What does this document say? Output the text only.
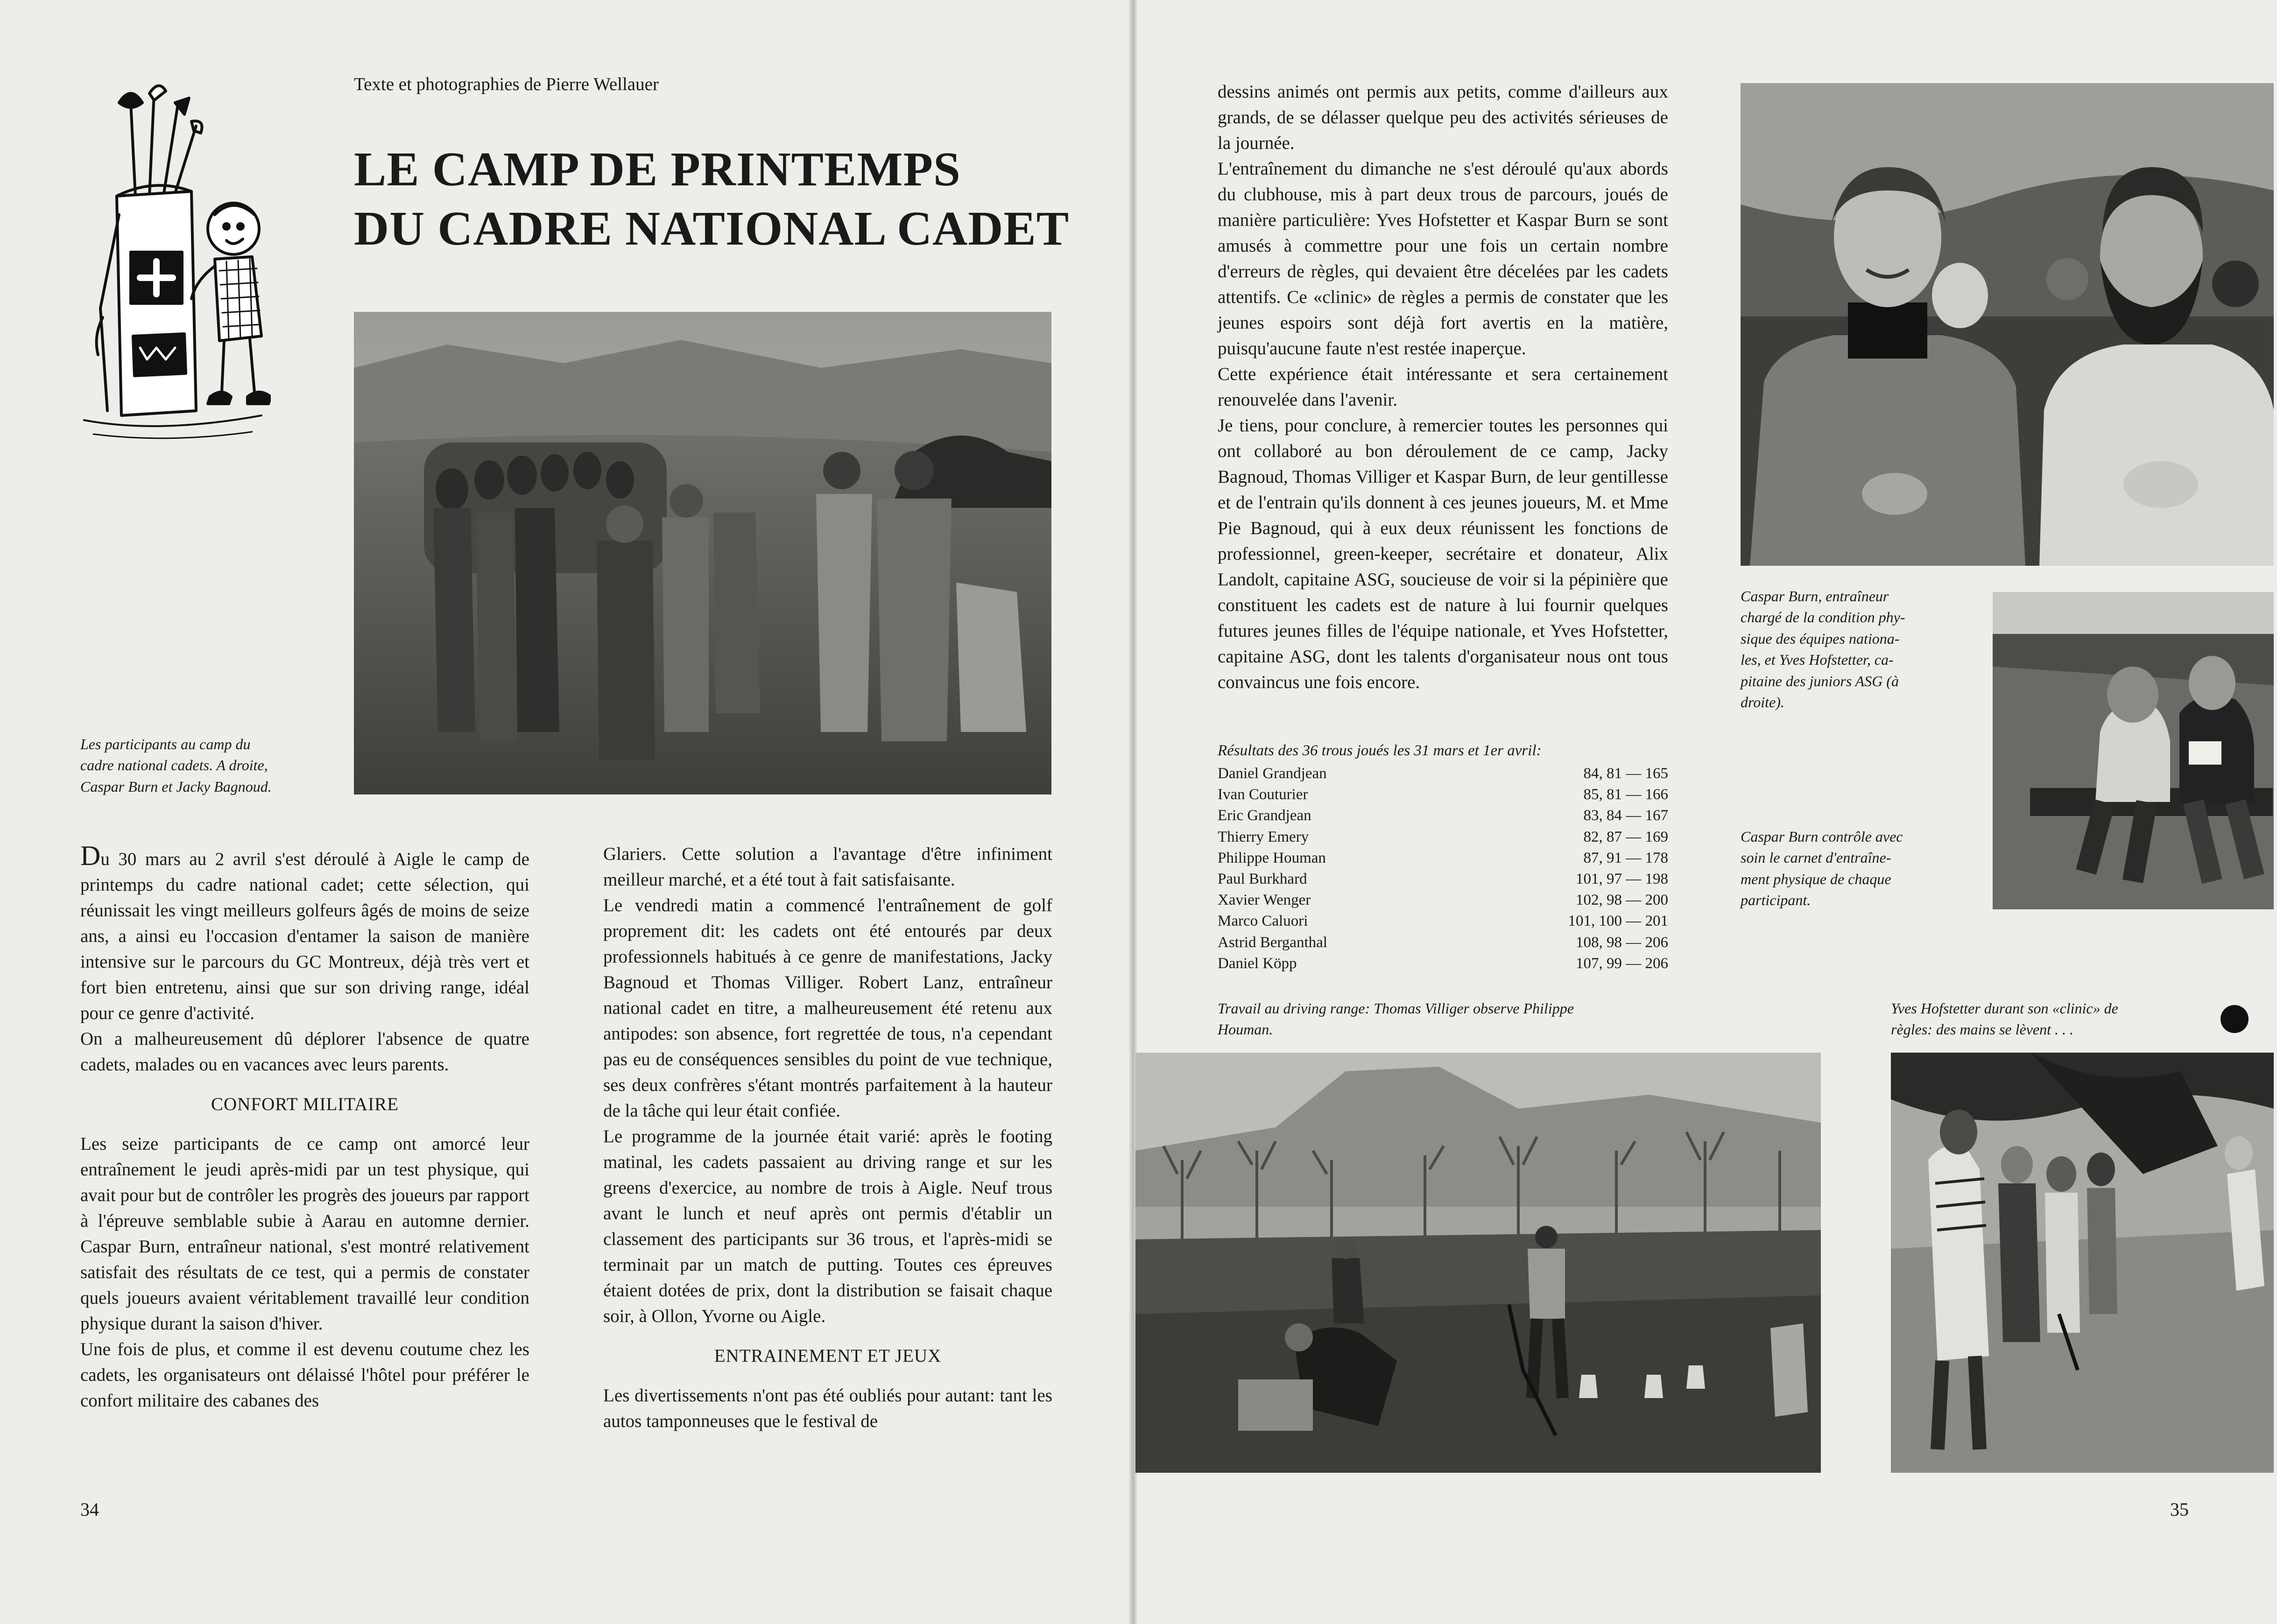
Texte et photographies de Pierre Wellauer
LE CAMP DE PRINTEMPS
DU CADRE NATIONAL CADET

Les participants au camp du
cadre national cadets. A droite,
Caspar Burn et Jacky Bagnoud.

Du 30 mars au 2 avril s'est déroulé à Aigle le camp de printemps du cadre national cadet; cette sélection, qui réunissait les vingt meilleurs golfeurs âgés de moins de seize ans, a ainsi eu l'occasion d'entamer la saison de manière intensive sur le parcours du GC Montreux, déjà très vert et fort bien entretenu, ainsi que sur son driving range, idéal pour ce genre d'activité.

On a malheureusement dû déplorer l'absence de quatre cadets, malades ou en vacances avec leurs parents.

CONFORT MILITAIRE

Les seize participants de ce camp ont amorcé leur entraînement le jeudi après-midi par un test physique, qui avait pour but de contrôler les progrès des joueurs par rapport à l'épreuve semblable subie à Aarau en automne dernier. Caspar Burn, entraîneur national, s'est montré relativement satisfait des résultats de ce test, qui a permis de constater quels joueurs avaient véritablement travaillé leur condition physique durant la saison d'hiver.

Une fois de plus, et comme il est devenu coutume chez les cadets, les organisateurs ont délaissé l'hôtel pour préférer le confort militaire des cabanes des

Glariers. Cette solution a l'avantage d'être infiniment meilleur marché, et a été tout à fait satisfaisante.

Le vendredi matin a commencé l'entraînement de golf proprement dit: les cadets ont été entourés par deux professionnels habitués à ce genre de manifestations, Jacky Bagnoud et Thomas Villiger. Robert Lanz, entraîneur national cadet en titre, a malheureusement été retenu aux antipodes: son absence, fort regrettée de tous, n'a cependant pas eu de conséquences sensibles du point de vue technique, ses deux confrères s'étant montrés parfaitement à la hauteur de la tâche qui leur était confiée.

Le programme de la journée était varié: après le footing matinal, les cadets passaient au driving range et sur les greens d'exercice, au nombre de trois à Aigle. Neuf trous avant le lunch et neuf après ont permis d'établir un classement des participants sur 36 trous, et l'après-midi se terminait par un match de putting. Toutes ces épreuves étaient dotées de prix, dont la distribution se faisait chaque soir, à Ollon, Yvorne ou Aigle.

ENTRAINEMENT ET JEUX

Les divertissements n'ont pas été oubliés pour autant: tant les autos tamponneuses que le festival de

34

dessins animés ont permis aux petits, comme d'ailleurs aux grands, de se délasser quelque peu des activités sérieuses de la journée.

L'entraînement du dimanche ne s'est déroulé qu'aux abords du clubhouse, mis à part deux trous de parcours, joués de manière particulière: Yves Hofstetter et Kaspar Burn se sont amusés à commettre pour une fois un certain nombre d'erreurs de règles, qui devaient être décelées par les cadets attentifs. Ce «clinic» de règles a permis de constater que les jeunes espoirs sont déjà fort avertis en la matière, puisqu'aucune faute n'est restée inaperçue.

Cette expérience était intéressante et sera certainement renouvelée dans l'avenir.

Je tiens, pour conclure, à remercier toutes les personnes qui ont collaboré au bon déroulement de ce camp, Jacky Bagnoud, Thomas Villiger et Kaspar Burn, de leur gentillesse et de l'entrain qu'ils donnent à ces jeunes joueurs, M. et Mme Pie Bagnoud, qui à eux deux réunissent les fonctions de professionnel, green-keeper, secrétaire et donateur, Alix Landolt, capitaine ASG, soucieuse de voir si la pépinière que constituent les cadets est de nature à lui fournir quelques futures jeunes filles de l'équipe nationale, et Yves Hofstetter, capitaine ASG, dont les talents d'organisateur nous ont tous convaincus une fois encore.

Résultats des 36 trous joués les 31 mars et 1er avril:
Daniel Grandjean	84, 81 — 165
Ivan Couturier	85, 81 — 166
Eric Grandjean	83, 84 — 167
Thierry Emery	82, 87 — 169
Philippe Houman	87, 91 — 178
Paul Burkhard	101, 97 — 198
Xavier Wenger	102, 98 — 200
Marco Caluori	101, 100 — 201
Astrid Berganthal	108, 98 — 206
Daniel Köpp	107, 99 — 206

Travail au driving range: Thomas Villiger observe Philippe
Houman.

Caspar Burn, entraîneur
chargé de la condition phy-
sique des équipes nationa-
les, et Yves Hofstetter, ca-
pitaine des juniors ASG (à
droite).

Caspar Burn contrôle avec
soin le carnet d'entraîne-
ment physique de chaque
participant.

Yves Hofstetter durant son «clinic» de
règles: des mains se lèvent . . .

35
